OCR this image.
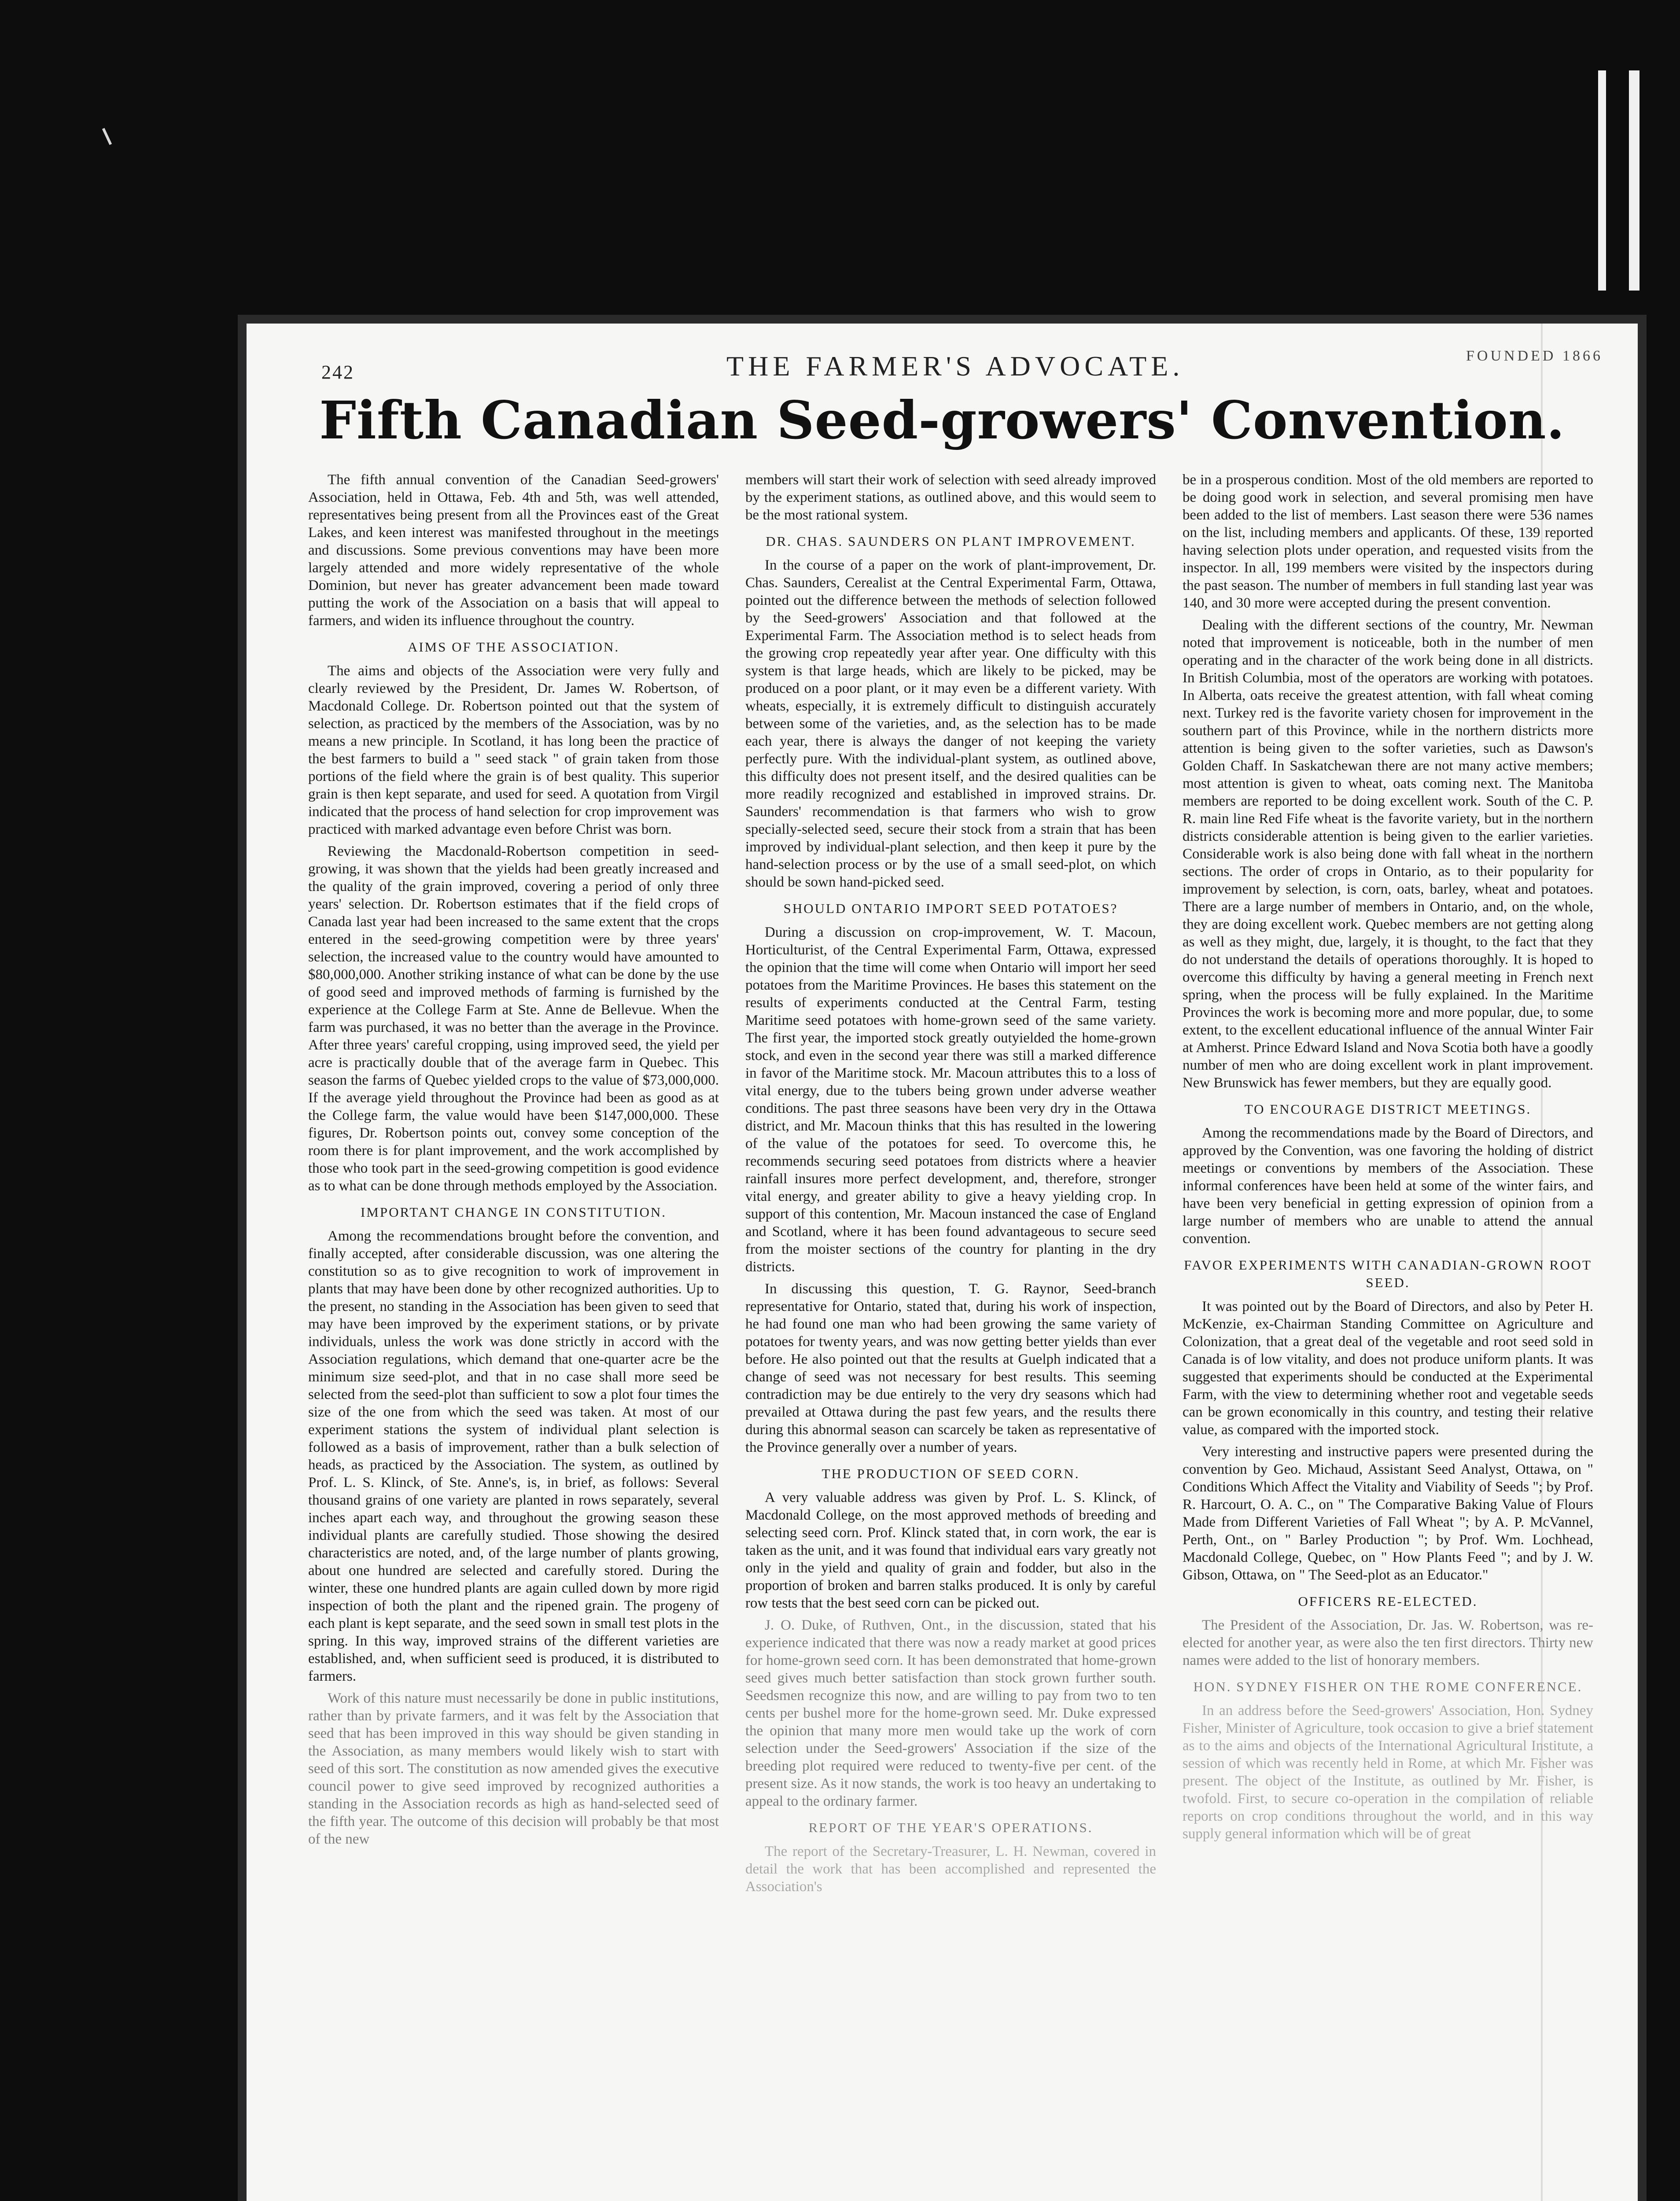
242	THE FARMER'S ADVOCATE.	FOUNDED 1866
Fifth Canadian Seed-growers' Convention.

The fifth annual convention of the Canadian Seed-growers' Association, held in Ottawa, Feb. 4th and 5th, was well attended, representatives being present from all the Provinces east of the Great Lakes, and keen interest was manifested throughout in the meetings and discussions. Some previous conventions may have been more largely attended and more widely representative of the whole Dominion, but never has greater advancement been made toward putting the work of the Association on a basis that will appeal to farmers, and widen its influence throughout the country.

AIMS OF THE ASSOCIATION.

The aims and objects of the Association were very fully and clearly reviewed by the President, Dr. James W. Robertson, of Macdonald College. Dr. Robertson pointed out that the system of selection, as practiced by the members of the Association, was by no means a new principle. In Scotland, it has long been the practice of the best farmers to build a " seed stack " of grain taken from those portions of the field where the grain is of best quality. This superior grain is then kept separate, and used for seed. A quotation from Virgil indicated that the process of hand selection for crop improvement was practiced with marked advantage even before Christ was born.

Reviewing the Macdonald-Robertson competition in seed-growing, it was shown that the yields had been greatly increased and the quality of the grain improved, covering a period of only three years' selection. Dr. Robertson estimates that if the field crops of Canada last year had been increased to the same extent that the crops entered in the seed-growing competition were by three years' selection, the increased value to the country would have amounted to $80,000,000. Another striking instance of what can be done by the use of good seed and improved methods of farming is furnished by the experience at the College Farm at Ste. Anne de Bellevue. When the farm was purchased, it was no better than the average in the Province. After three years' careful cropping, using improved seed, the yield per acre is practically double that of the average farm in Quebec. This season the farms of Quebec yielded crops to the value of $73,000,000. If the average yield throughout the Province had been as good as at the College farm, the value would have been $147,000,000. These figures, Dr. Robertson points out, convey some conception of the room there is for plant improvement, and the work accomplished by those who took part in the seed-growing competition is good evidence as to what can be done through methods employed by the Association.

IMPORTANT CHANGE IN CONSTITUTION.

Among the recommendations brought before the convention, and finally accepted, after considerable discussion, was one altering the constitution so as to give recognition to work of improvement in plants that may have been done by other recognized authorities. Up to the present, no standing in the Association has been given to seed that may have been improved by the experiment stations, or by private individuals, unless the work was done strictly in accord with the Association regulations, which demand that one-quarter acre be the minimum size seed-plot, and that in no case shall more seed be selected from the seed-plot than sufficient to sow a plot four times the size of the one from which the seed was taken. At most of our experiment stations the system of individual plant selection is followed as a basis of improvement, rather than a bulk selection of heads, as practiced by the Association. The system, as outlined by Prof. L. S. Klinck, of Ste. Anne's, is, in brief, as follows: Several thousand grains of one variety are planted in rows separately, several inches apart each way, and throughout the growing season these individual plants are carefully studied. Those showing the desired characteristics are noted, and, of the large number of plants growing, about one hundred are selected and carefully stored. During the winter, these one hundred plants are again culled down by more rigid inspection of both the plant and the ripened grain. The progeny of each plant is kept separate, and the seed sown in small test plots in the spring. In this way, improved strains of the different varieties are established, and, when sufficient seed is produced, it is distributed to farmers.

Work of this nature must necessarily be done in public institutions, rather than by private farmers, and it was felt by the Association that seed that has been improved in this way should be given standing in the Association, as many members would likely wish to start with seed of this sort. The constitution as now amended gives the executive council power to give seed improved by recognized authorities a standing in the Association records as high as hand-selected seed of the fifth year. The outcome of this decision will probably be that most of the new

members will start their work of selection with seed already improved by the experiment stations, as outlined above, and this would seem to be the most rational system.

DR. CHAS. SAUNDERS ON PLANT IMPROVEMENT.

In the course of a paper on the work of plant-improvement, Dr. Chas. Saunders, Cerealist at the Central Experimental Farm, Ottawa, pointed out the difference between the methods of selection followed by the Seed-growers' Association and that followed at the Experimental Farm. The Association method is to select heads from the growing crop repeatedly year after year. One difficulty with this system is that large heads, which are likely to be picked, may be produced on a poor plant, or it may even be a different variety. With wheats, especially, it is extremely difficult to distinguish accurately between some of the varieties, and, as the selection has to be made each year, there is always the danger of not keeping the variety perfectly pure. With the individual-plant system, as outlined above, this difficulty does not present itself, and the desired qualities can be more readily recognized and established in improved strains. Dr. Saunders' recommendation is that farmers who wish to grow specially-selected seed, secure their stock from a strain that has been improved by individual-plant selection, and then keep it pure by the hand-selection process or by the use of a small seed-plot, on which should be sown hand-picked seed.

SHOULD ONTARIO IMPORT SEED POTATOES?

During a discussion on crop-improvement, W. T. Macoun, Horticulturist, of the Central Experimental Farm, Ottawa, expressed the opinion that the time will come when Ontario will import her seed potatoes from the Maritime Provinces. He bases this statement on the results of experiments conducted at the Central Farm, testing Maritime seed potatoes with home-grown seed of the same variety. The first year, the imported stock greatly outyielded the home-grown stock, and even in the second year there was still a marked difference in favor of the Maritime stock. Mr. Macoun attributes this to a loss of vital energy, due to the tubers being grown under adverse weather conditions. The past three seasons have been very dry in the Ottawa district, and Mr. Macoun thinks that this has resulted in the lowering of the value of the potatoes for seed. To overcome this, he recommends securing seed potatoes from districts where a heavier rainfall insures more perfect development, and, therefore, stronger vital energy, and greater ability to give a heavy yielding crop. In support of this contention, Mr. Macoun instanced the case of England and Scotland, where it has been found advantageous to secure seed from the moister sections of the country for planting in the dry districts.

In discussing this question, T. G. Raynor, Seed-branch representative for Ontario, stated that, during his work of inspection, he had found one man who had been growing the same variety of potatoes for twenty years, and was now getting better yields than ever before. He also pointed out that the results at Guelph indicated that a change of seed was not necessary for best results. This seeming contradiction may be due entirely to the very dry seasons which had prevailed at Ottawa during the past few years, and the results there during this abnormal season can scarcely be taken as representative of the Province generally over a number of years.

THE PRODUCTION OF SEED CORN.

A very valuable address was given by Prof. L. S. Klinck, of Macdonald College, on the most approved methods of breeding and selecting seed corn. Prof. Klinck stated that, in corn work, the ear is taken as the unit, and it was found that individual ears vary greatly not only in the yield and quality of grain and fodder, but also in the proportion of broken and barren stalks produced. It is only by careful row tests that the best seed corn can be picked out.

J. O. Duke, of Ruthven, Ont., in the discussion, stated that his experience indicated that there was now a ready market at good prices for home-grown seed corn. It has been demonstrated that home-grown seed gives much better satisfaction than stock grown further south. Seedsmen recognize this now, and are willing to pay from two to ten cents per bushel more for the home-grown seed. Mr. Duke expressed the opinion that many more men would take up the work of corn selection under the Seed-growers' Association if the size of the breeding plot required were reduced to twenty-five per cent. of the present size. As it now stands, the work is too heavy an undertaking to appeal to the ordinary farmer.

REPORT OF THE YEAR'S OPERATIONS.

The report of the Secretary-Treasurer, L. H. Newman, covered in detail the work that has been accomplished and represented the Association's

be in a prosperous condition. Most of the old members are reported to be doing good work in selection, and several promising men have been added to the list of members. Last season there were 536 names on the list, including members and applicants. Of these, 139 reported having selection plots under operation, and requested visits from the inspector. In all, 199 members were visited by the inspectors during the past season. The number of members in full standing last year was 140, and 30 more were accepted during the present convention.

Dealing with the different sections of the country, Mr. Newman noted that improvement is noticeable, both in the number of men operating and in the character of the work being done in all districts. In British Columbia, most of the operators are working with potatoes. In Alberta, oats receive the greatest attention, with fall wheat coming next. Turkey red is the favorite variety chosen for improvement in the southern part of this Province, while in the northern districts more attention is being given to the softer varieties, such as Dawson's Golden Chaff. In Saskatchewan there are not many active members; most attention is given to wheat, oats coming next. The Manitoba members are reported to be doing excellent work. South of the C. P. R. main line Red Fife wheat is the favorite variety, but in the northern districts considerable attention is being given to the earlier varieties. Considerable work is also being done with fall wheat in the northern sections. The order of crops in Ontario, as to their popularity for improvement by selection, is corn, oats, barley, wheat and potatoes. There are a large number of members in Ontario, and, on the whole, they are doing excellent work. Quebec members are not getting along as well as they might, due, largely, it is thought, to the fact that they do not understand the details of operations thoroughly. It is hoped to overcome this difficulty by having a general meeting in French next spring, when the process will be fully explained. In the Maritime Provinces the work is becoming more and more popular, due, to some extent, to the excellent educational influence of the annual Winter Fair at Amherst. Prince Edward Island and Nova Scotia both have a goodly number of men who are doing excellent work in plant improvement. New Brunswick has fewer members, but they are equally good.

TO ENCOURAGE DISTRICT MEETINGS.

Among the recommendations made by the Board of Directors, and approved by the Convention, was one favoring the holding of district meetings or conventions by members of the Association. These informal conferences have been held at some of the winter fairs, and have been very beneficial in getting expression of opinion from a large number of members who are unable to attend the annual convention.

FAVOR EXPERIMENTS WITH CANADIAN-GROWN ROOT SEED.

It was pointed out by the Board of Directors, and also by Peter H. McKenzie, ex-Chairman Standing Committee on Agriculture and Colonization, that a great deal of the vegetable and root seed sold in Canada is of low vitality, and does not produce uniform plants. It was suggested that experiments should be conducted at the Experimental Farm, with the view to determining whether root and vegetable seeds can be grown economically in this country, and testing their relative value, as compared with the imported stock.

Very interesting and instructive papers were presented during the convention by Geo. Michaud, Assistant Seed Analyst, Ottawa, on " Conditions Which Affect the Vitality and Viability of Seeds "; by Prof. R. Harcourt, O. A. C., on " The Comparative Baking Value of Flours Made from Different Varieties of Fall Wheat "; by A. P. McVannel, Perth, Ont., on " Barley Production "; by Prof. Wm. Lochhead, Macdonald College, Quebec, on " How Plants Feed "; and by J. W. Gibson, Ottawa, on " The Seed-plot as an Educator."

OFFICERS RE-ELECTED.

The President of the Association, Dr. Jas. W. Robertson, was re-elected for another year, as were also the ten first directors. Thirty new names were added to the list of honorary members.

HON. SYDNEY FISHER ON THE ROME CONFERENCE.

In an address before the Seed-growers' Association, Hon. Sydney Fisher, Minister of Agriculture, took occasion to give a brief statement as to the aims and objects of the International Agricultural Institute, a session of which was recently held in Rome, at which Mr. Fisher was present. The object of the Institute, as outlined by Mr. Fisher, is twofold. First, to secure co-operation in the compilation of reliable reports on crop conditions throughout the world, and in this way supply general information which will be of great
